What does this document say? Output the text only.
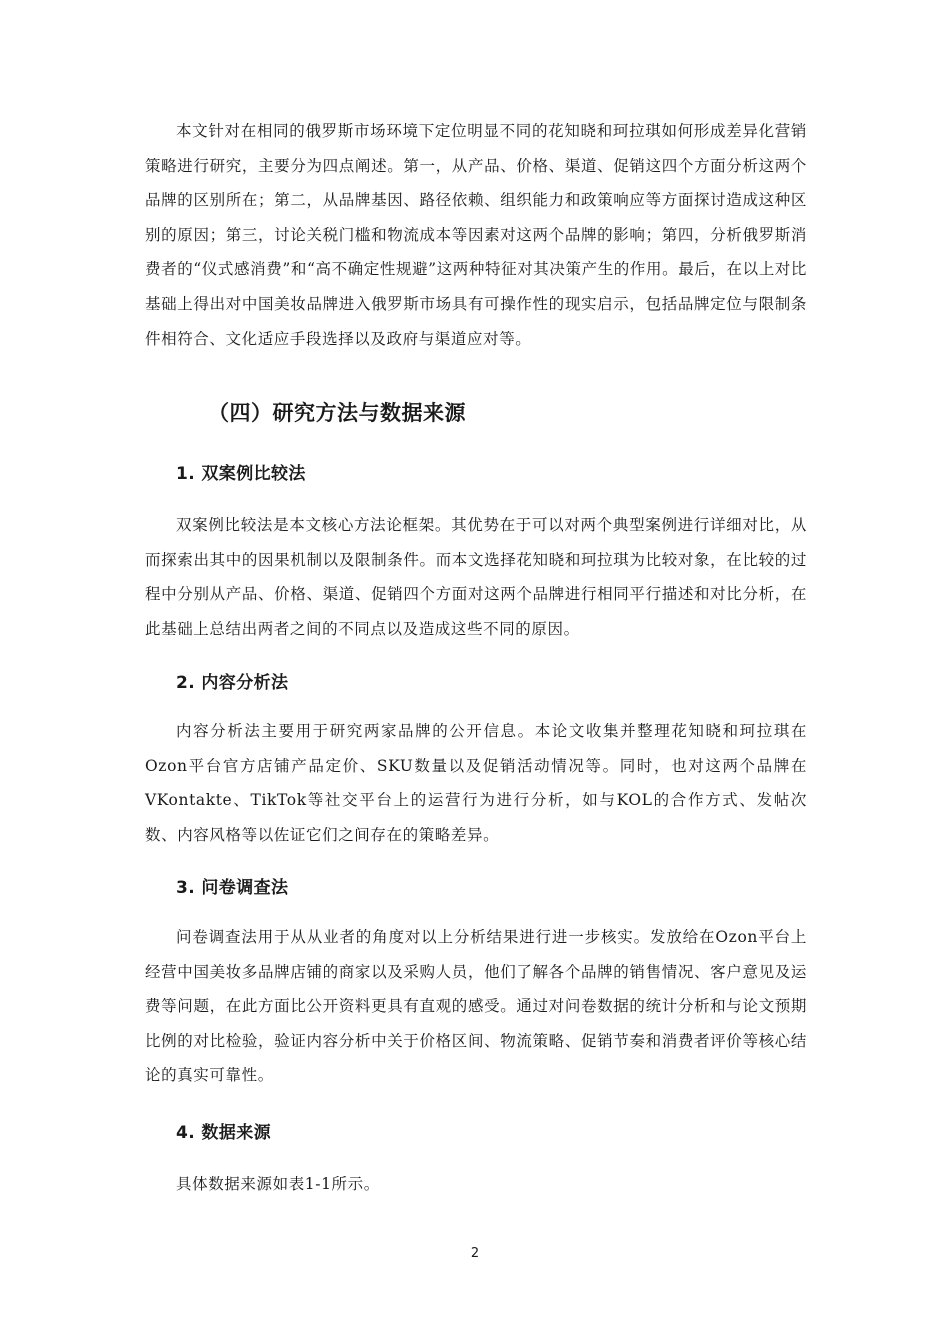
本文针对在相同的俄罗斯市场环境下定位明显不同的花知晓和珂拉琪如何形成差异化营销策略进行研究，主要分为四点阐述。第一，从产品、价格、渠道、促销这四个方面分析这两个品牌的区别所在；第二，从品牌基因、路径依赖、组织能力和政策响应等方面探讨造成这种区别的原因；第三，讨论关税门槛和物流成本等因素对这两个品牌的影响；第四，分析俄罗斯消费者的“仪式感消费”和“高不确定性规避”这两种特征对其决策产生的作用。最后，在以上对比基础上得出对中国美妆品牌进入俄罗斯市场具有可操作性的现实启示，包括品牌定位与限制条件相符合、文化适应手段选择以及政府与渠道应对等。

（四）研究方法与数据来源
1. 双案例比较法

双案例比较法是本文核心方法论框架。其优势在于可以对两个典型案例进行详细对比，从而探索出其中的因果机制以及限制条件。而本文选择花知晓和珂拉琪为比较对象，在比较的过程中分别从产品、价格、渠道、促销四个方面对这两个品牌进行相同平行描述和对比分析，在此基础上总结出两者之间的不同点以及造成这些不同的原因。

2. 内容分析法

内容分析法主要用于研究两家品牌的公开信息。本论文收集并整理花知晓和珂拉琪在Ozon平台官方店铺产品定价、SKU数量以及促销活动情况等。同时，也对这两个品牌在VKontakte、TikTok等社交平台上的运营行为进行分析，如与KOL的合作方式、发帖次数、内容风格等以佐证它们之间存在的策略差异。

3. 问卷调查法

问卷调查法用于从从业者的角度对以上分析结果进行进一步核实。发放给在Ozon平台上经营中国美妆多品牌店铺的商家以及采购人员，他们了解各个品牌的销售情况、客户意见及运费等问题，在此方面比公开资料更具有直观的感受。通过对问卷数据的统计分析和与论文预期比例的对比检验，验证内容分析中关于价格区间、物流策略、促销节奏和消费者评价等核心结论的真实可靠性。

4. 数据来源

具体数据来源如表1-1所示。

2
